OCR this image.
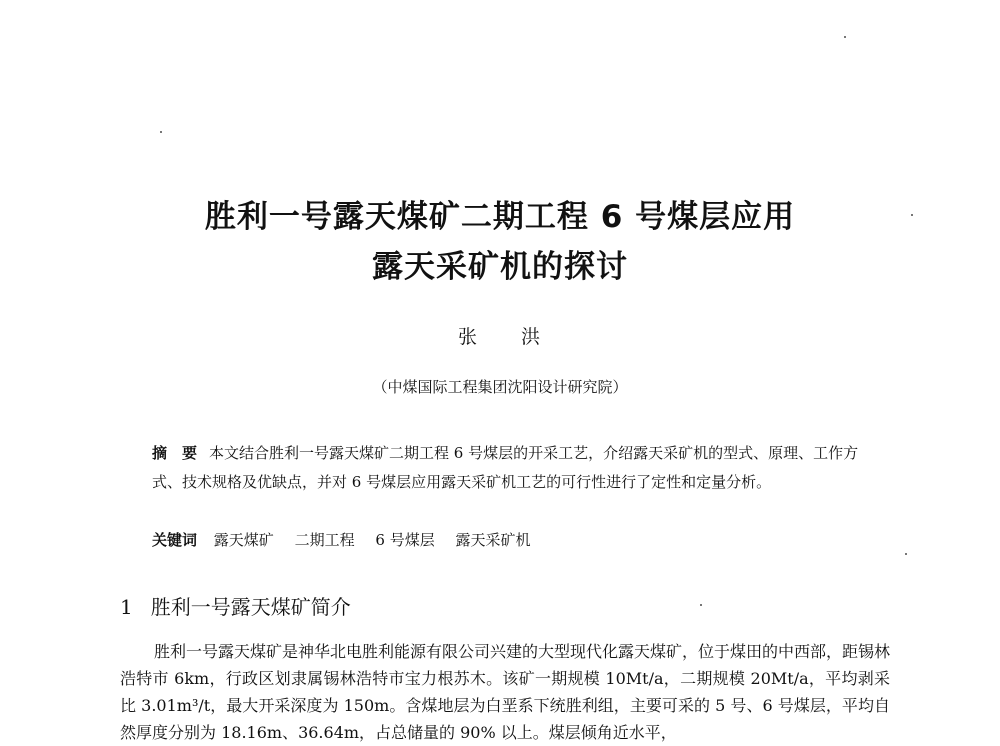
胜利一号露天煤矿二期工程 6 号煤层应用
露天采矿机的探讨
张　　洪
（中煤国际工程集团沈阳设计研究院）
摘　要 本文结合胜利一号露天煤矿二期工程 6 号煤层的开采工艺，介绍露天采矿机的型式、原理、工作方式、技术规格及优缺点，并对 6 号煤层应用露天采矿机工艺的可行性进行了定性和定量分析。
关键词 露天煤矿 二期工程 6 号煤层 露天采矿机
1 胜利一号露天煤矿简介
胜利一号露天煤矿是神华北电胜利能源有限公司兴建的大型现代化露天煤矿，位于煤田的中西部，距锡林浩特市 6km，行政区划隶属锡林浩特市宝力根苏木。该矿一期规模 10Mt/a，二期规模 20Mt/a，平均剥采比 3.01m³/t，最大开采深度为 150m。含煤地层为白垩系下统胜利组，主要可采的 5 号、6 号煤层，平均自然厚度分别为 18.16m、36.64m，占总储量的 90% 以上。煤层倾角近水平，
